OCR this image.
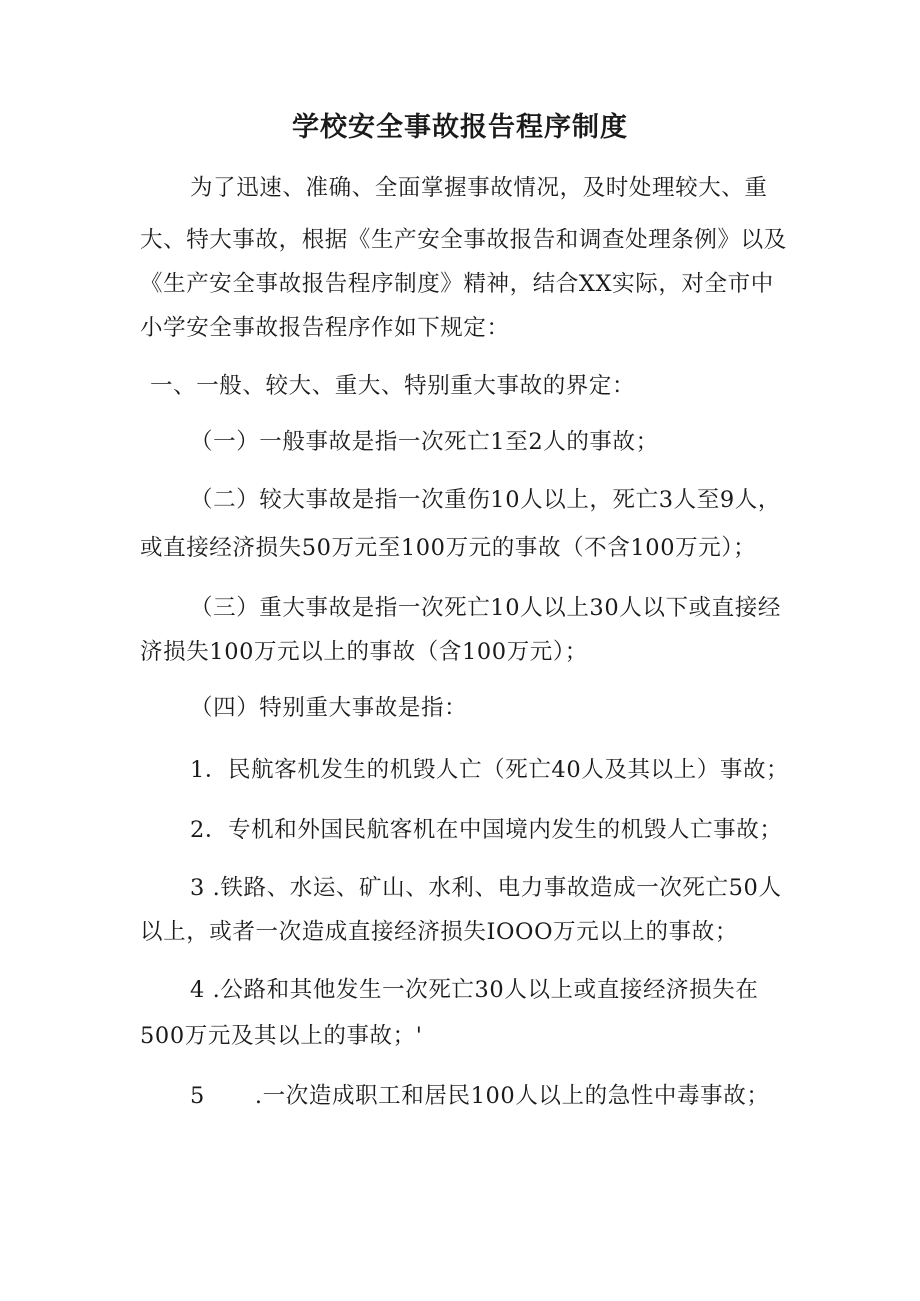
学校安全事故报告程序制度
为了迅速、准确、全面掌握事故情况，及时处理较大、重
大、特大事故，根据《生产安全事故报告和调查处理条例》以及
《生产安全事故报告程序制度》精神，结合XX实际，对全市中
小学安全事故报告程序作如下规定：
一、一般、较大、重大、特别重大事故的界定：
（一）一般事故是指一次死亡1至2人的事故；
（二）较大事故是指一次重伤10人以上，死亡3人至9人，
或直接经济损失50万元至100万元的事故（不含100万元）；
（三）重大事故是指一次死亡10人以上30人以下或直接经
济损失100万元以上的事故（含100万元）；
（四）特别重大事故是指：
1．民航客机发生的机毁人亡（死亡40人及其以上）事故；
2．专机和外国民航客机在中国境内发生的机毁人亡事故；
3 .铁路、水运、矿山、水利、电力事故造成一次死亡50人
以上，或者一次造成直接经济损失IOOO万元以上的事故；
4 .公路和其他发生一次死亡30人以上或直接经济损失在
500万元及其以上的事故；'
5 .一次造成职工和居民100人以上的急性中毒事故；
